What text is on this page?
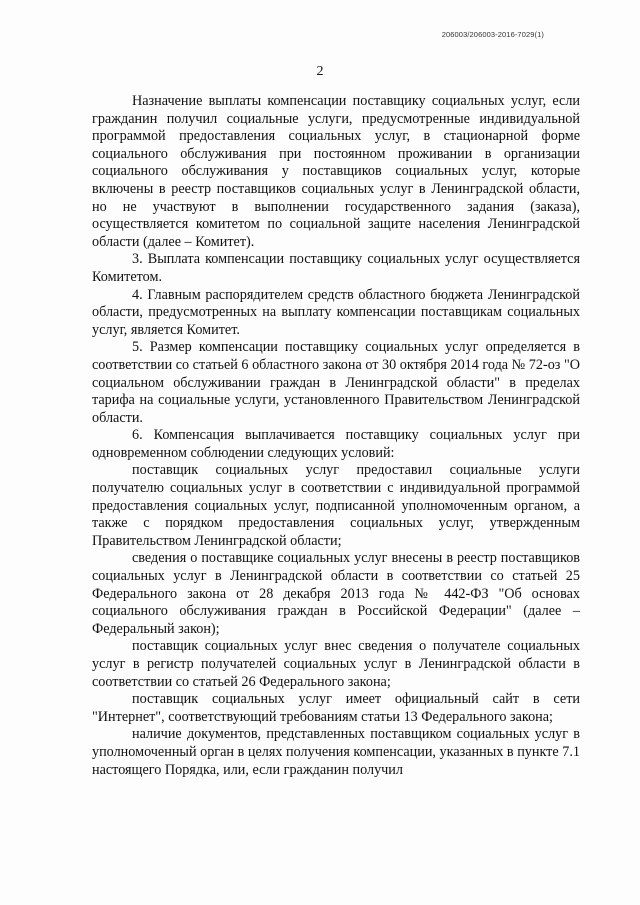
206003/206003-2016-7029(1)
2

Назначение выплаты компенсации поставщику социальных услуг, если гражданин получил социальные услуги, предусмотренные индивидуальной программой предоставления социальных услуг, в стационарной форме социального обслуживания при постоянном проживании в организации социального обслуживания у поставщиков социальных услуг, которые включены в реестр поставщиков социальных услуг в Ленинградской области, но не участвуют в выполнении государственного задания (заказа), осуществляется комитетом по социальной защите населения Ленинградской области (далее – Комитет).

3. Выплата компенсации поставщику социальных услуг осуществляется Комитетом.

4. Главным распорядителем средств областного бюджета Ленинградской области, предусмотренных на выплату компенсации поставщикам социальных услуг, является Комитет.

5. Размер компенсации поставщику социальных услуг определяется в соответствии со статьей 6 областного закона от 30 октября 2014 года № 72-оз "О социальном обслуживании граждан в Ленинградской области" в пределах тарифа на социальные услуги, установленного Правительством Ленинградской области.

6. Компенсация выплачивается поставщику социальных услуг при одновременном соблюдении следующих условий:

поставщик социальных услуг предоставил социальные услуги получателю социальных услуг в соответствии с индивидуальной программой предоставления социальных услуг, подписанной уполномоченным органом, а также с порядком предоставления социальных услуг, утвержденным Правительством Ленинградской области;

сведения о поставщике социальных услуг внесены в реестр поставщиков социальных услуг в Ленинградской области в соответствии со статьей 25 Федерального закона от 28 декабря 2013 года № 442-ФЗ "Об основах социального обслуживания граждан в Российской Федерации" (далее – Федеральный закон);

поставщик социальных услуг внес сведения о получателе социальных услуг в регистр получателей социальных услуг в Ленинградской области в соответствии со статьей 26 Федерального закона;

поставщик социальных услуг имеет официальный сайт в сети "Интернет", соответствующий требованиям статьи 13 Федерального закона;

наличие документов, представленных поставщиком социальных услуг в уполномоченный орган в целях получения компенсации, указанных в пункте 7.1 настоящего Порядка, или, если гражданин получил
